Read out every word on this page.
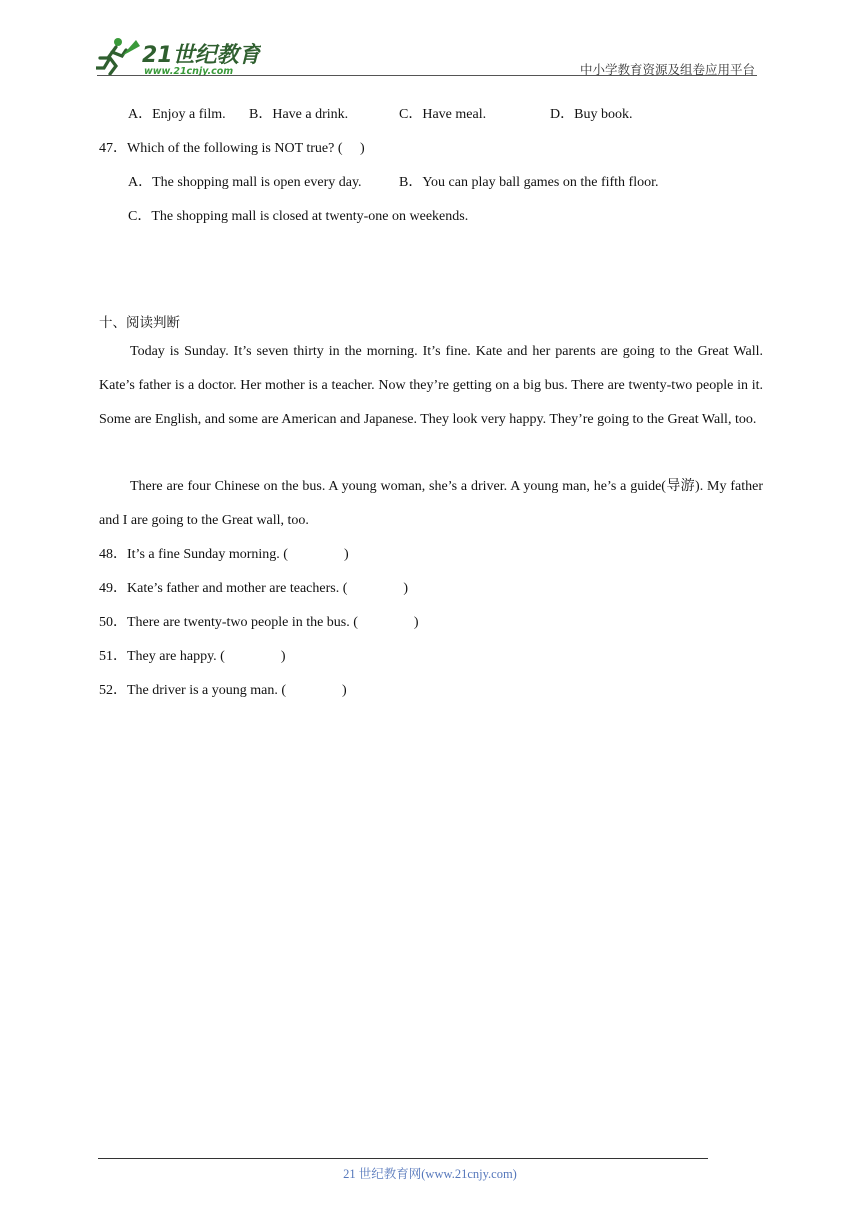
21世纪教育
www.21cnjy.com	中小学教育资源及组卷应用平台
A．Enjoy a film. B．Have a drink.	C．Have meal.	D．Buy book.
47．Which of the following is NOT true? (　 )
A．The shopping mall is open every day.	B．You can play ball games on the fifth floor.
C．The shopping mall is closed at twenty-one on weekends.
十、阅读判断
Today is Sunday. It’s seven thirty in the morning. It’s fine. Kate and her parents are going to the Great Wall. Kate’s father is a doctor. Her mother is a teacher. Now they’re getting on a big bus. There are twenty-two people in it. Some are English, and some are American and Japanese. They look very happy. They’re going to the Great Wall, too.
There are four Chinese on the bus. A young woman, she’s a driver. A young man, he’s a guide(导游). My father and I are going to the Great wall, too.
48．It’s a fine Sunday morning. (　　　　)
49．Kate’s father and mother are teachers. (　　　　)
50．There are twenty-two people in the bus. (　　　　)
51．They are happy. (　　　　)
52．The driver is a young man. (　　　　)
21 世纪教育网(www.21cnjy.com)
